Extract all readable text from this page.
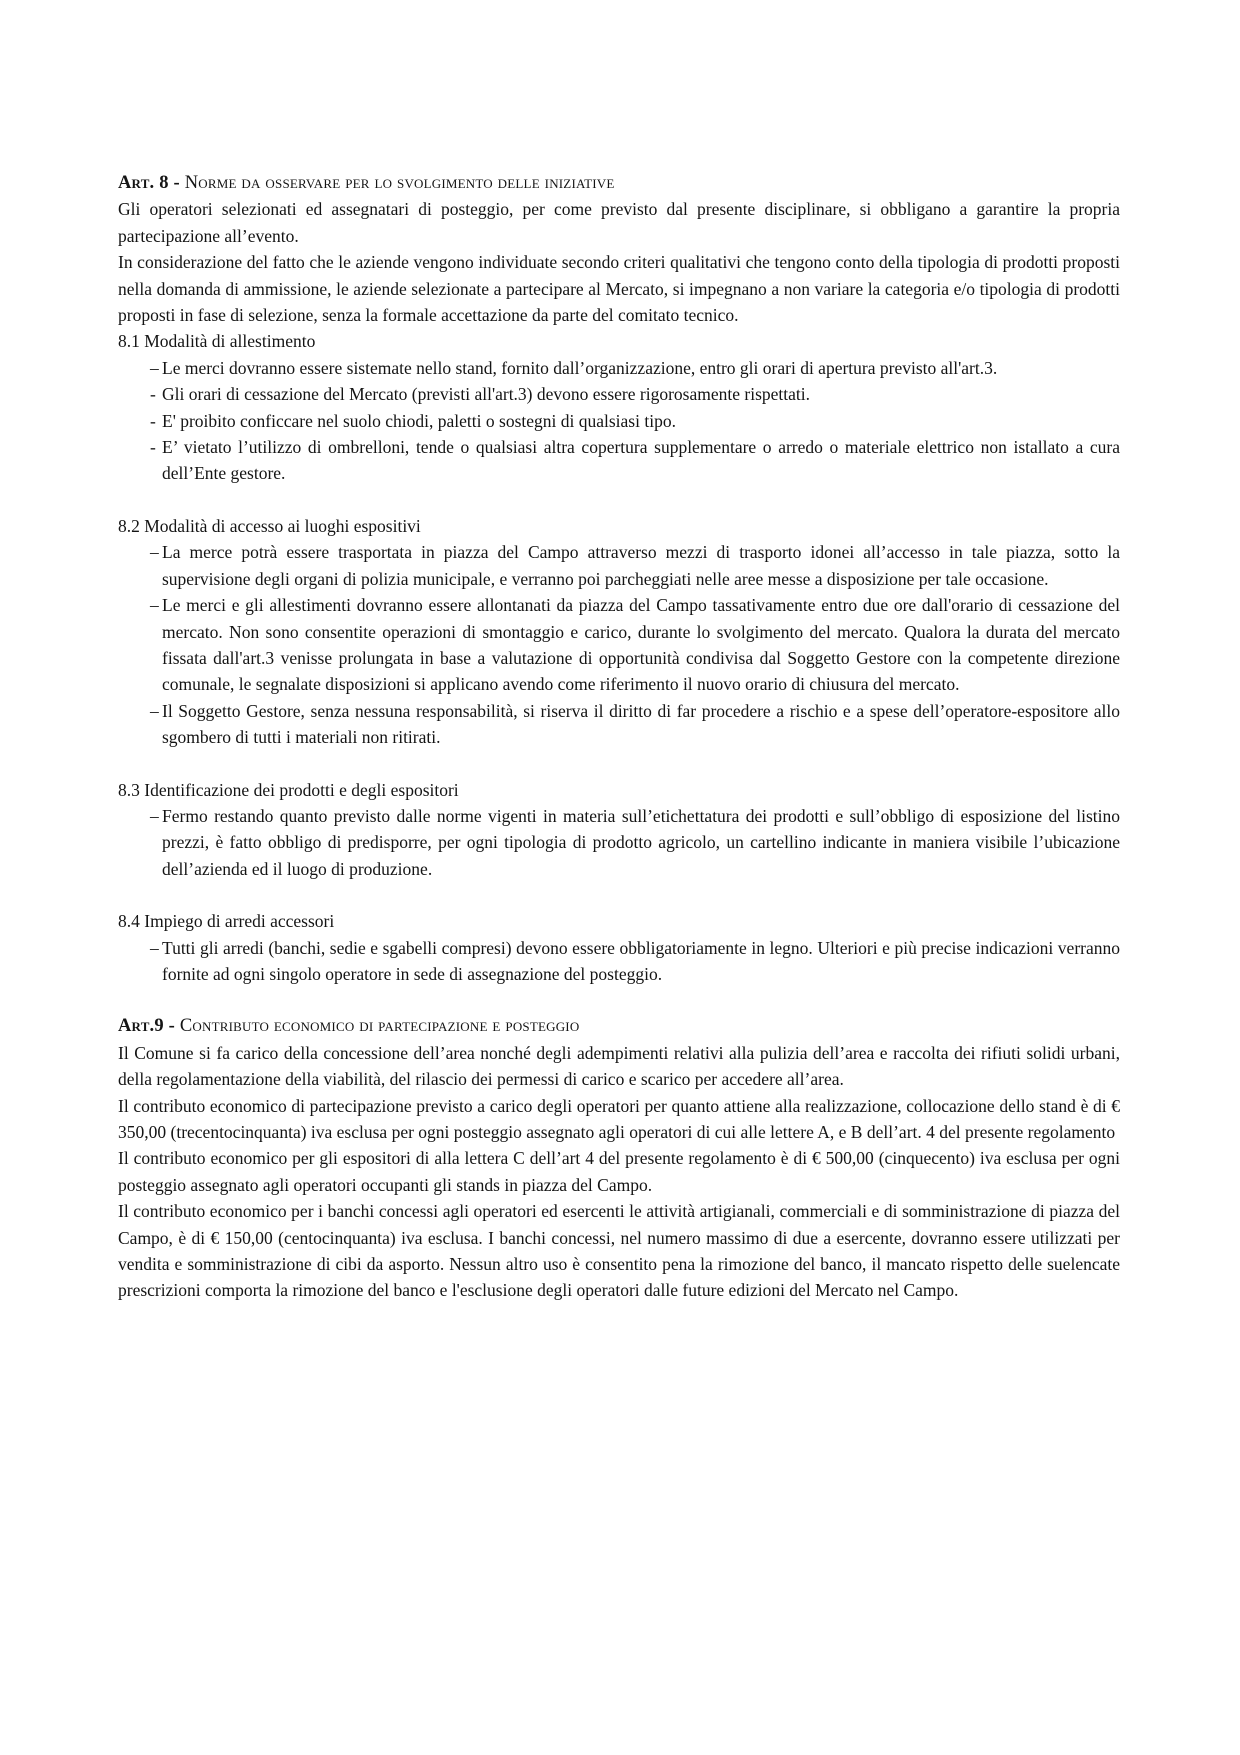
Art. 8 - Norme da osservare per lo svolgimento delle iniziative

Gli operatori selezionati ed assegnatari di posteggio, per come previsto dal presente disciplinare, si obbligano a garantire la propria partecipazione all’evento.

In considerazione del fatto che le aziende vengono individuate secondo criteri qualitativi che tengono conto della tipologia di prodotti proposti nella domanda di ammissione, le aziende selezionate a partecipare al Mercato, si impegnano a non variare la categoria e/o tipologia di prodotti proposti in fase di selezione, senza la formale accettazione da parte del comitato tecnico.

8.1 Modalità di allestimento

– Le merci dovranno essere sistemate nello stand, fornito dall’organizzazione, entro gli orari di apertura previsto all'art.3.
- Gli orari di cessazione del Mercato (previsti all'art.3) devono essere rigorosamente rispettati.
- E' proibito conficcare nel suolo chiodi, paletti o sostegni di qualsiasi tipo.
- E’ vietato l’utilizzo di ombrelloni, tende o qualsiasi altra copertura supplementare o arredo o materiale elettrico non istallato a cura dell’Ente gestore.

8.2 Modalità di accesso ai luoghi espositivi

– La merce potrà essere trasportata in piazza del Campo attraverso mezzi di trasporto idonei all’accesso in tale piazza, sotto la supervisione degli organi di polizia municipale, e verranno poi parcheggiati nelle aree messe a disposizione per tale occasione.
– Le merci e gli allestimenti dovranno essere allontanati da piazza del Campo tassativamente entro due ore dall'orario di cessazione del mercato. Non sono consentite operazioni di smontaggio e carico, durante lo svolgimento del mercato. Qualora la durata del mercato fissata dall'art.3 venisse prolungata in base a valutazione di opportunità condivisa dal Soggetto Gestore con la competente direzione comunale, le segnalate disposizioni si applicano avendo come riferimento il nuovo orario di chiusura del mercato.
– Il Soggetto Gestore, senza nessuna responsabilità, si riserva il diritto di far procedere a rischio e a spese dell’operatore-espositore allo sgombero di tutti i materiali non ritirati.

8.3 Identificazione dei prodotti e degli espositori

– Fermo restando quanto previsto dalle norme vigenti in materia sull’etichettatura dei prodotti e sull’obbligo di esposizione del listino prezzi, è fatto obbligo di predisporre, per ogni tipologia di prodotto agricolo, un cartellino indicante in maniera visibile l’ubicazione dell’azienda ed il luogo di produzione.

8.4 Impiego di arredi accessori

– Tutti gli arredi (banchi, sedie e sgabelli compresi) devono essere obbligatoriamente in legno. Ulteriori e più precise indicazioni verranno fornite ad ogni singolo operatore in sede di assegnazione del posteggio.

Art.9 - Contributo economico di partecipazione e posteggio

Il Comune si fa carico della concessione dell’area nonché degli adempimenti relativi alla pulizia dell’area e raccolta dei rifiuti solidi urbani, della regolamentazione della viabilità, del rilascio dei permessi di carico e scarico per accedere all’area.

Il contributo economico di partecipazione previsto a carico degli operatori per quanto attiene alla realizzazione, collocazione dello stand è di € 350,00 (trecentocinquanta) iva esclusa per ogni posteggio assegnato agli operatori di cui alle lettere A, e B dell’art. 4 del presente regolamento

Il contributo economico per gli espositori di alla lettera C dell’art 4 del presente regolamento è di € 500,00 (cinquecento) iva esclusa per ogni posteggio assegnato agli operatori occupanti gli stands in piazza del Campo.

Il contributo economico per i banchi concessi agli operatori ed esercenti le attività artigianali, commerciali e di somministrazione di piazza del Campo, è di € 150,00 (centocinquanta) iva esclusa. I banchi concessi, nel numero massimo di due a esercente, dovranno essere utilizzati per vendita e somministrazione di cibi da asporto. Nessun altro uso è consentito pena la rimozione del banco, il mancato rispetto delle suelencate prescrizioni comporta la rimozione del banco e l'esclusione degli operatori dalle future edizioni del Mercato nel Campo.
